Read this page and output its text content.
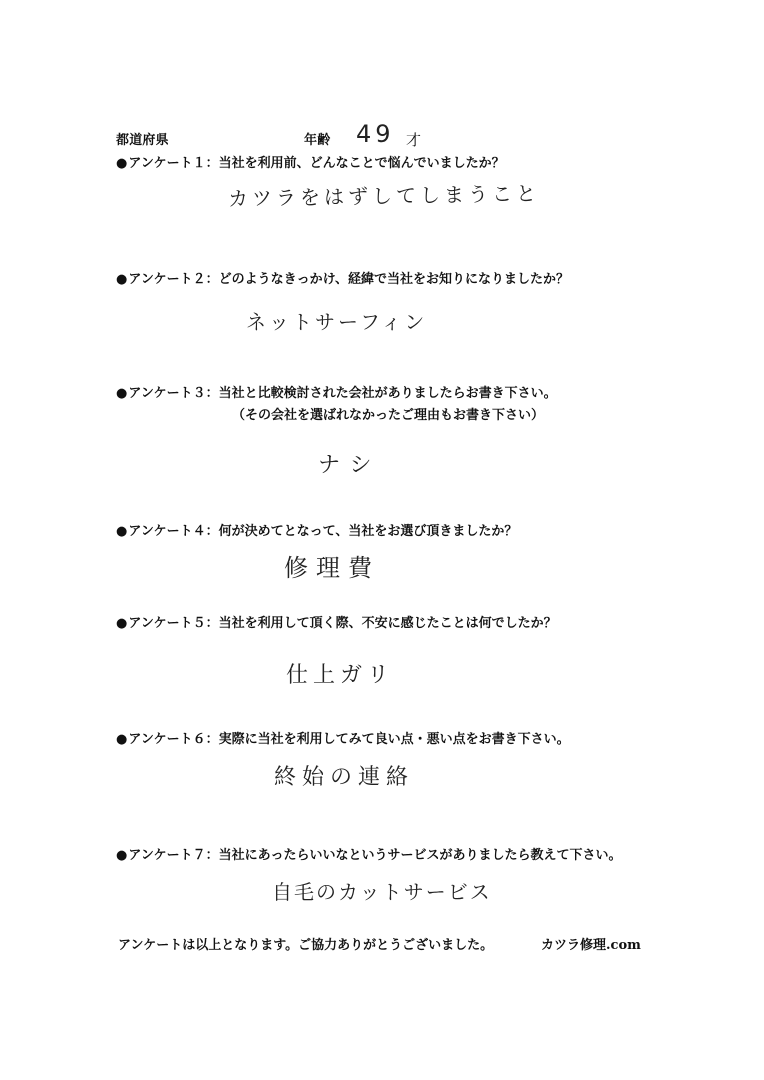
都道府県	年齢 49 才
●アンケート１：当社を利用前、どんなことで悩んでいましたか？
カツラをはずしてしまうこと
●アンケート２：どのようなきっかけ、経緯で当社をお知りになりましたか？
ネットサーフィン
●アンケート３：当社と比較検討された会社がありましたらお書き下さい。
（その会社を選ばれなかったご理由もお書き下さい）
ナシ
●アンケート４：何が決めてとなって、当社をお選び頂きましたか？
修理費
●アンケート５：当社を利用して頂く際、不安に感じたことは何でしたか？
仕上ガリ
●アンケート６：実際に当社を利用してみて良い点・悪い点をお書き下さい。
終始の連絡
●アンケート７：当社にあったらいいなというサービスがありましたら教えて下さい。
自毛のカットサービス
アンケートは以上となります。ご協力ありがとうございました。	カツラ修理.com
